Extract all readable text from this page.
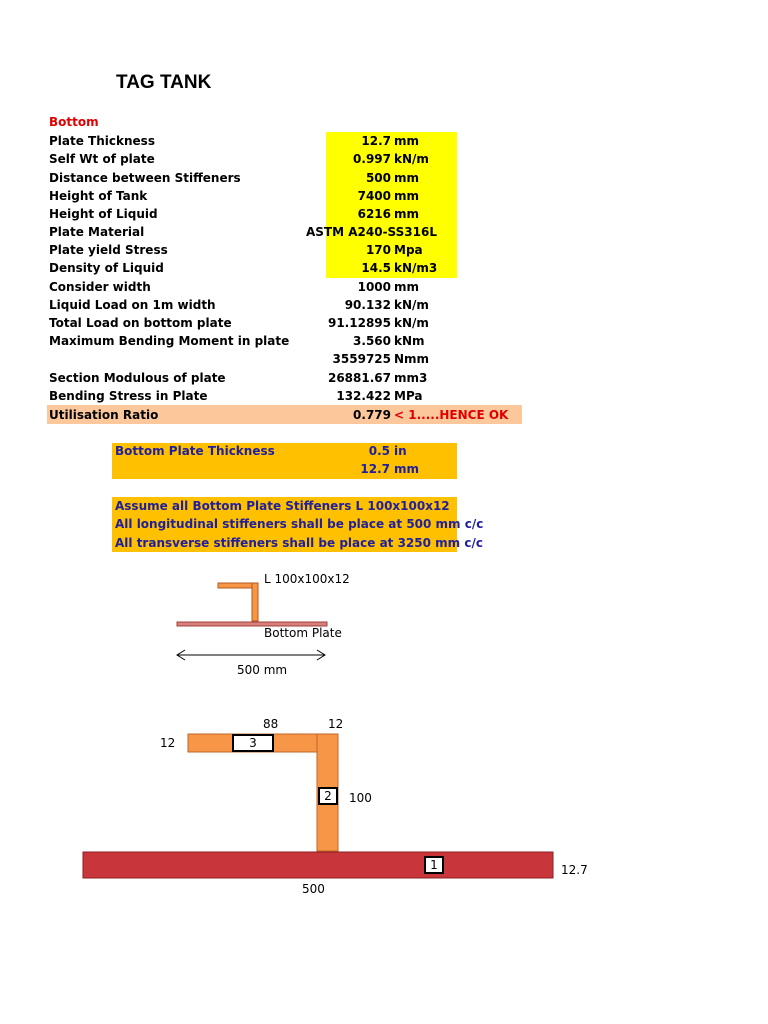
TAG TANK
Bottom
Plate Thickness	12.7 mm
Self Wt of plate	0.997 kN/m
Distance between Stiffeners	500 mm
Height of Tank	7400 mm
Height of Liquid	6216 mm
Plate Material	ASTM A240-SS316L
Plate yield Stress	170 Mpa
Density of Liquid	14.5 kN/m3
Consider width	1000 mm
Liquid Load on 1m width	90.132 kN/m
Total Load on bottom plate	91.12895 kN/m
Maximum Bending Moment in plate	3.560 kNm
3559725 Nmm
Section Modulous of plate	26881.67 mm3
Bending Stress in Plate	132.422 MPa
Utilisation Ratio	0.779 < 1.....HENCE OK
Bottom Plate Thickness	0.5 in
12.7 mm
Assume all Bottom Plate Stiffeners L 100x100x12
All longitudinal stiffeners shall be place at 500 mm c/c
All transverse stiffeners shall be place at 3250 mm c/c
L 100x100x12
Bottom Plate
500 mm
3
2
1
88	12
12
100
12.7
500
